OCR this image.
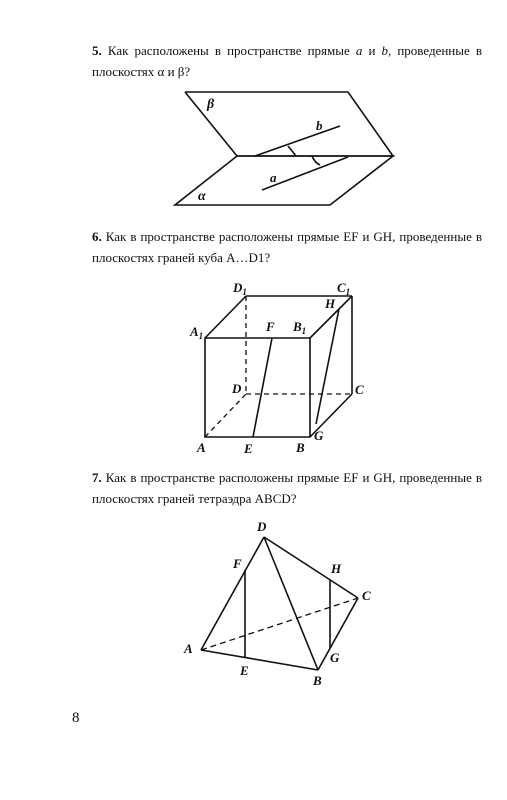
5. Как расположены в пространстве прямые a и b, проведенные в плоскостях α и β?
β
α
b
a
6. Как в пространстве расположены прямые EF и GH, проведенные в плоскостях граней куба A…D1?
$D_1$	$C_1$
H
$A_1$
F $B_1$
D	C
A	E	B
G
7. Как в пространстве расположены прямые EF и GH, проведенные в плоскостях граней тетраэдра ABCD?
D
F	H
C
A
G
E
B
8
